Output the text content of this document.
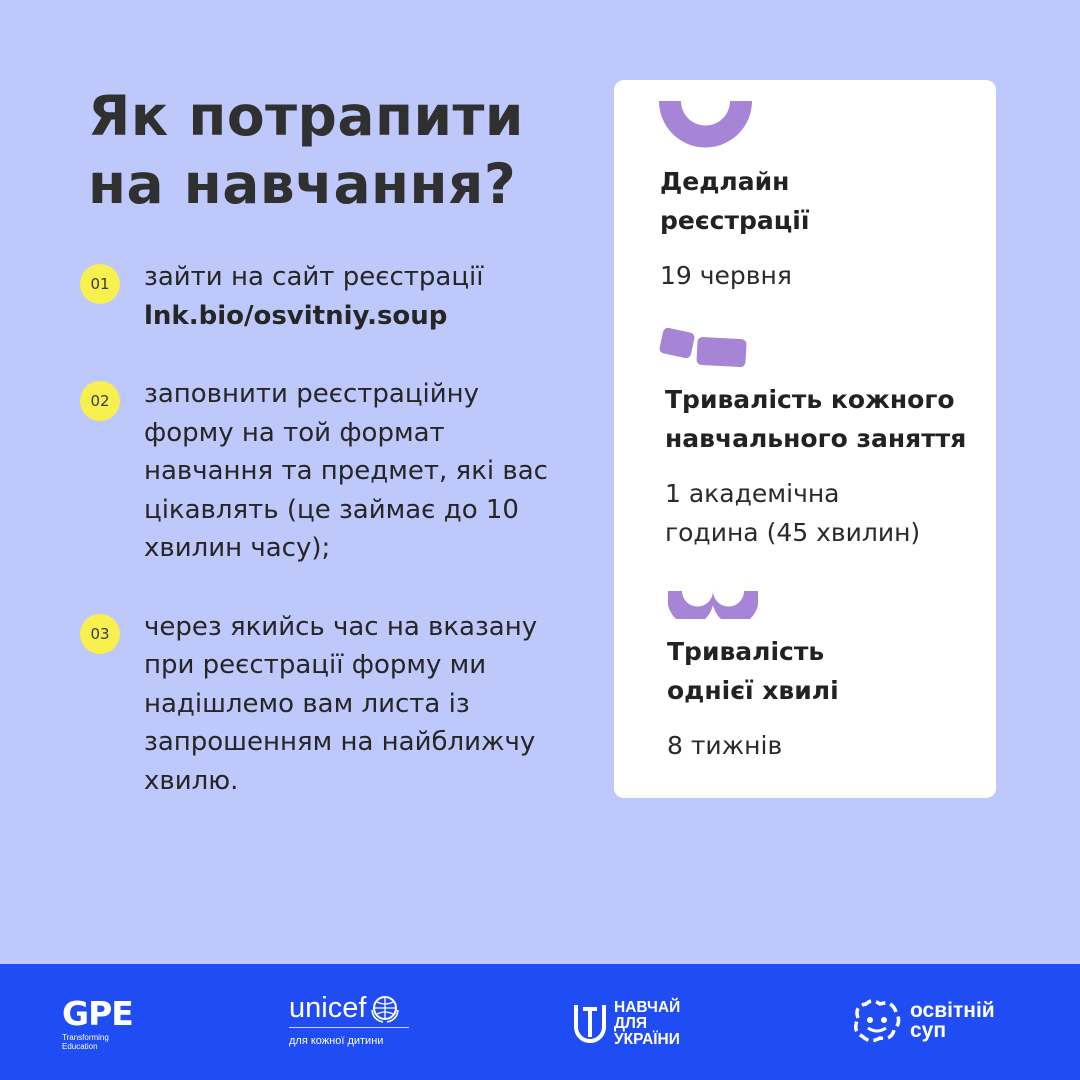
Як потрапити
на навчання?
01	зайти на сайт реєстрації
lnk.bio/osvitniy.soup
02	заповнити реєстраційну форму на той формат навчання та предмет, які вас цікавлять (це займає до 10 хвилин часу);
03	через якийсь час на вказану при реєстрації форму ми надішлемо вам листа із запрошенням на найближчу хвилю.
Дедлайн
реєстрації
19 червня
Тривалість кожного
навчального заняття
1 академічна
година (45 хвилин)
Тривалість
однієї хвилі
8 тижнів
GPE
Transforming
Education
unicef
для кожної дитини
НАВЧАЙ
ДЛЯ
УКРАЇНИ
освітній
суп
